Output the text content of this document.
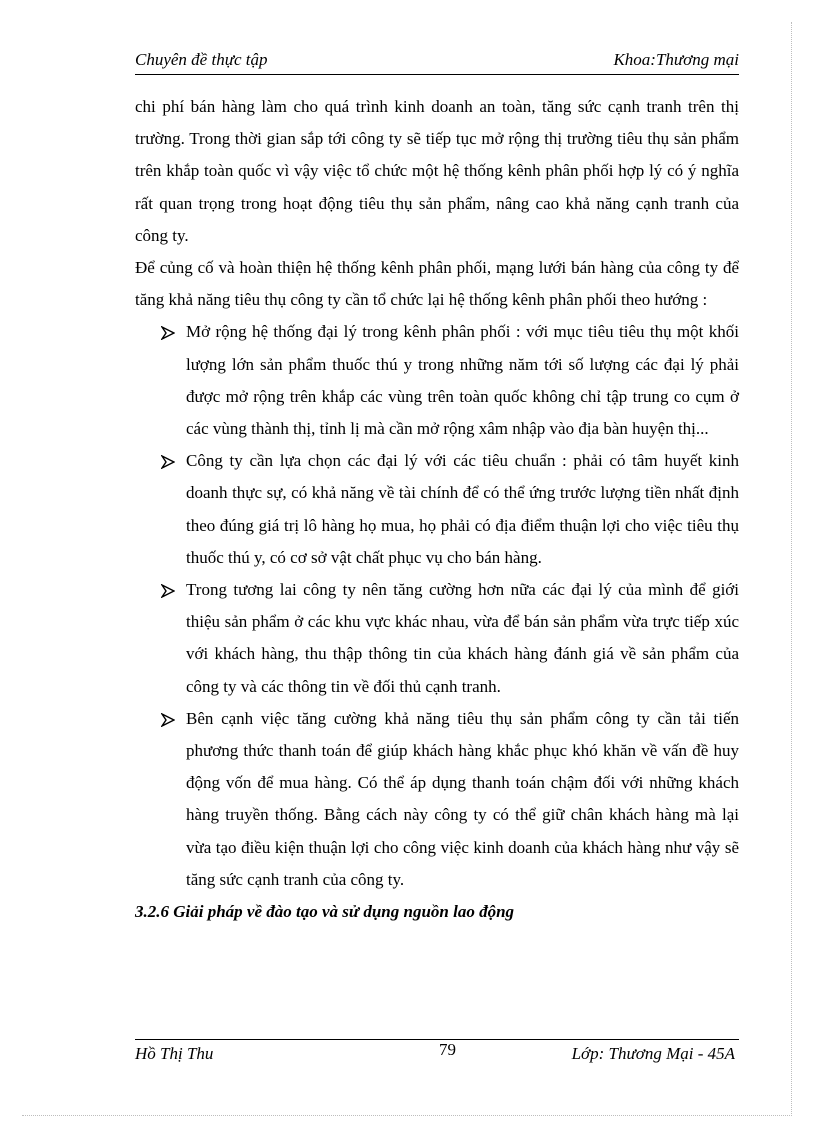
Chuyên đề thực tập	Khoa:Thương mại

chi phí bán hàng làm cho quá trình kinh doanh an toàn, tăng sức cạnh tranh trên thị trường. Trong thời gian sắp tới công ty sẽ tiếp tục mở rộng thị trường tiêu thụ sản phẩm trên khắp toàn quốc vì vậy việc tổ chức một hệ thống kênh phân phối hợp lý có ý nghĩa rất quan trọng trong hoạt động tiêu thụ sản phẩm, nâng cao khả năng cạnh tranh của công ty.

Để củng cố và hoàn thiện hệ thống kênh phân phối, mạng lưới bán hàng của công ty để tăng khả năng tiêu thụ công ty cần tổ chức lại hệ thống kênh phân phối theo hướng :

Mở rộng hệ thống đại lý trong kênh phân phối : với mục tiêu tiêu thụ một khối lượng lớn sản phẩm thuốc thú y trong những năm tới số lượng các đại lý phải được mở rộng trên khắp các vùng trên toàn quốc không chỉ tập trung co cụm ở các vùng thành thị, tỉnh lị mà cần mở rộng xâm nhập vào địa bàn huyện thị...
Công ty cần lựa chọn các đại lý với các tiêu chuẩn : phải có tâm huyết kinh doanh thực sự, có khả năng về tài chính để có thể ứng trước lượng tiền nhất định theo đúng giá trị lô hàng họ mua, họ phải có địa điểm thuận lợi cho việc tiêu thụ thuốc thú y, có cơ sở vật chất phục vụ cho bán hàng.
Trong tương lai công ty nên tăng cường hơn nữa các đại lý của mình để giới thiệu sản phẩm ở các khu vực khác nhau, vừa để bán sản phẩm vừa trực tiếp xúc với khách hàng, thu thập thông tin của khách hàng đánh giá về sản phẩm của công ty và các thông tin về đối thủ cạnh tranh.
Bên cạnh việc tăng cường khả năng tiêu thụ sản phẩm công ty cần tải tiến phương thức thanh toán để giúp khách hàng khắc phục khó khăn về vấn đề huy động vốn để mua hàng. Có thể áp dụng thanh toán chậm đối với những khách hàng truyền thống. Bằng cách này công ty có thể giữ chân khách hàng mà lại vừa tạo điều kiện thuận lợi cho công việc kinh doanh của khách hàng như vậy sẽ tăng sức cạnh tranh của công ty.

3.2.6 Giải pháp về đào tạo và sử dụng nguồn lao động

Hồ Thị Thu	79	Lớp: Thương Mại - 45A
